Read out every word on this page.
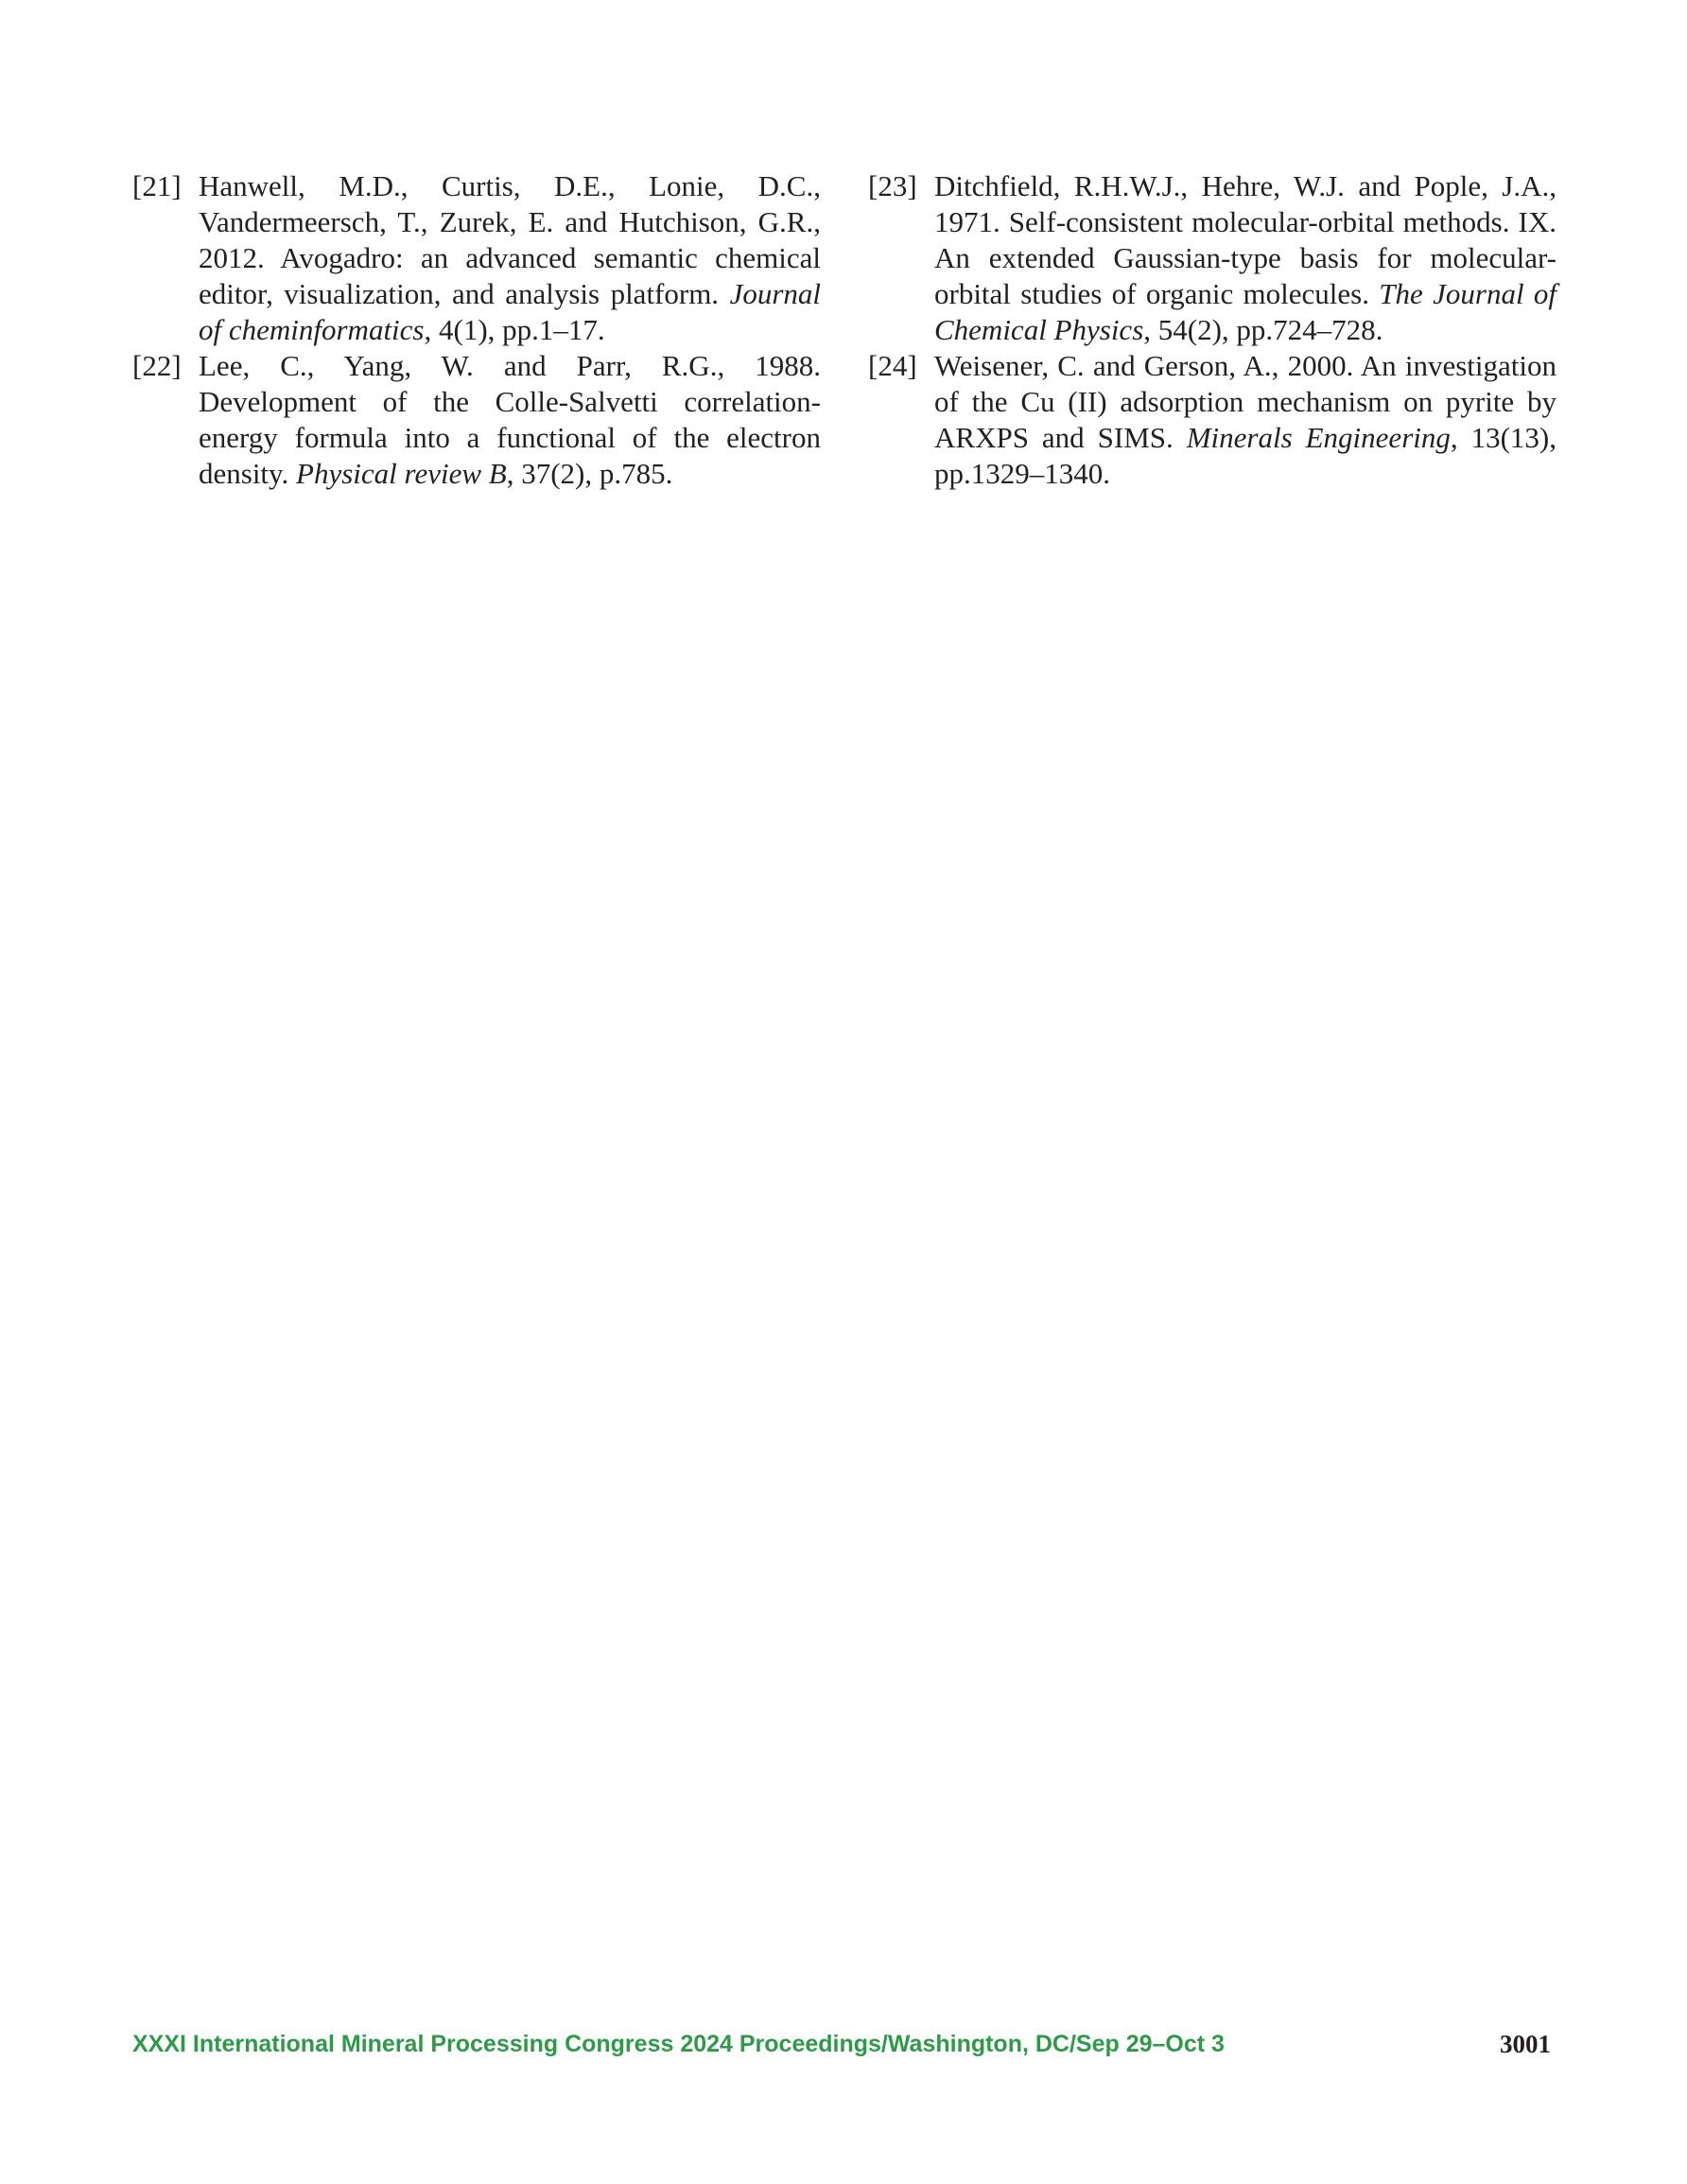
[21] Hanwell, M.D., Curtis, D.E., Lonie, D.C., Vandermeersch, T., Zurek, E. and Hutchison, G.R., 2012. Avogadro: an advanced semantic chemical editor, visualization, and analysis platform. Journal of cheminformatics, 4(1), pp.1–17.

[22] Lee, C., Yang, W. and Parr, R.G., 1988. Development of the Colle-Salvetti correlation-energy formula into a functional of the electron density. Physical review B, 37(2), p.785.

[23] Ditchfield, R.H.W.J., Hehre, W.J. and Pople, J.A., 1971. Self-consistent molecular-orbital methods. IX. An extended Gaussian-type basis for molecular-orbital studies of organic molecules. The Journal of Chemical Physics, 54(2), pp.724–728.

[24] Weisener, C. and Gerson, A., 2000. An investigation of the Cu (II) adsorption mechanism on pyrite by ARXPS and SIMS. Minerals Engineering, 13(13), pp.1329–1340.

XXXI International Mineral Processing Congress 2024 Proceedings/Washington, DC/Sep 29–Oct 3	3001
